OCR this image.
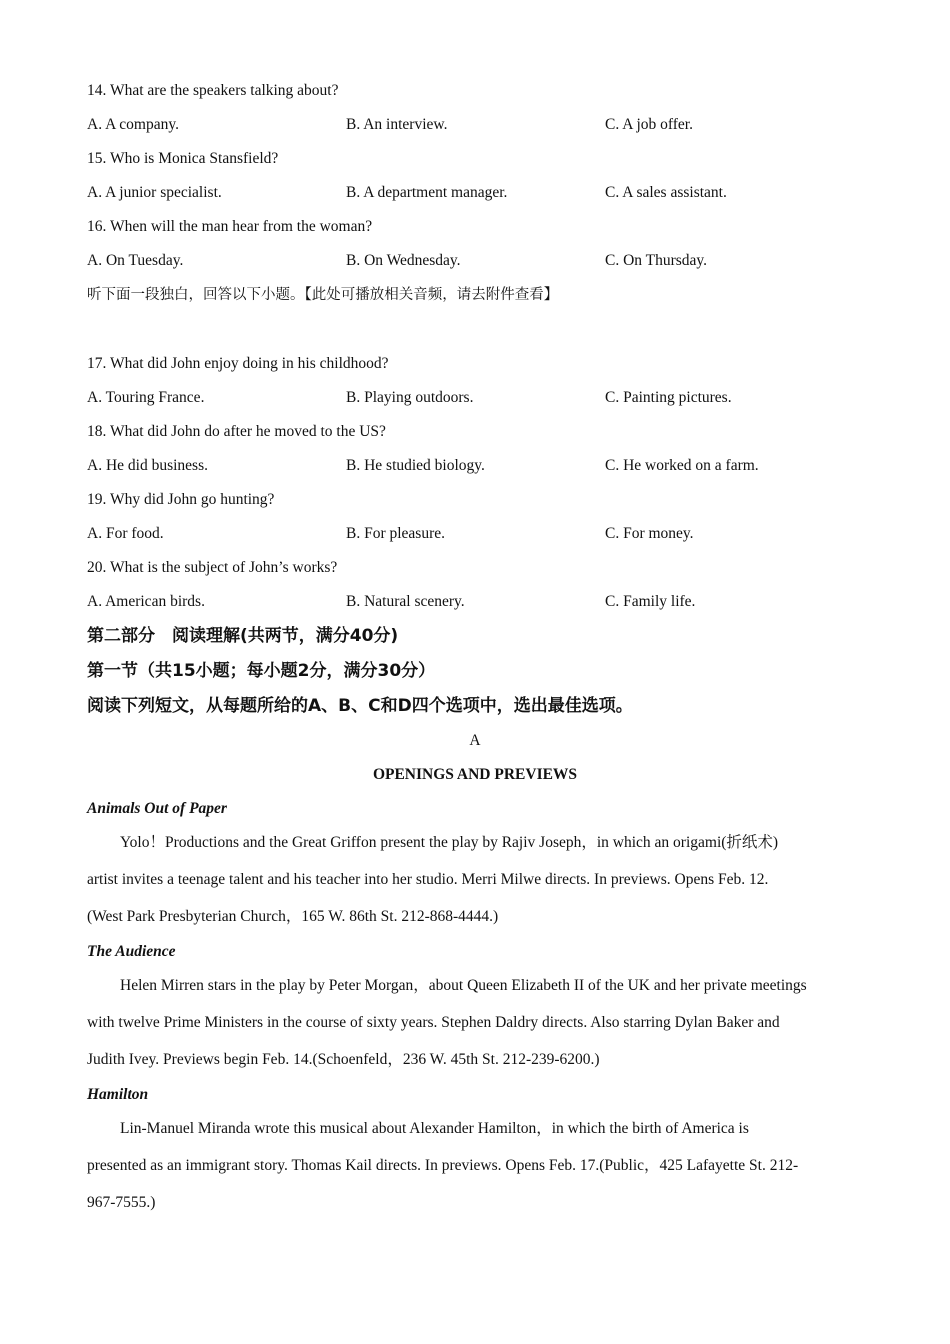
14. What are the speakers talking about?
A. A company.	B. An interview.	C. A job offer.
15. Who is Monica Stansfield?
A. A junior specialist.	B. A department manager.	C. A sales assistant.
16. When will the man hear from the woman?
A. On Tuesday.	B. On Wednesday.	C. On Thursday.
听下面一段独白，回答以下小题。【此处可播放相关音频，请去附件查看】
17. What did John enjoy doing in his childhood?
A. Touring France.	B. Playing outdoors.	C. Painting pictures.
18. What did John do after he moved to the US?
A. He did business.	B. He studied biology.	C. He worked on a farm.
19. Why did John go hunting?
A. For food.	B. For pleasure.	C. For money.
20. What is the subject of John’s works?
A. American birds.	B. Natural scenery.	C. Family life.
第二部分　阅读理解(共两节，满分40分)
第一节（共15小题；每小题2分，满分30分）
阅读下列短文，从每题所给的A、B、C和D四个选项中，选出最佳选项。
A
OPENINGS AND PREVIEWS
Animals Out of Paper
Yolo！Productions and the Great Griffon present the play by Rajiv Joseph，in which an origami(折纸术)
artist invites a teenage talent and his teacher into her studio. Merri Milwe directs. In previews. Opens Feb. 12.
(West Park Presbyterian Church，165 W. 86th St. 212-868-4444.)
The Audience
Helen Mirren stars in the play by Peter Morgan，about Queen Elizabeth II of the UK and her private meetings
with twelve Prime Ministers in the course of sixty years. Stephen Daldry directs. Also starring Dylan Baker and
Judith Ivey. Previews begin Feb. 14.(Schoenfeld，236 W. 45th St. 212-239-6200.)
Hamilton
Lin-Manuel Miranda wrote this musical about Alexander Hamilton，in which the birth of America is
presented as an immigrant story. Thomas Kail directs. In previews. Opens Feb. 17.(Public，425 Lafayette St. 212-
967-7555.)
